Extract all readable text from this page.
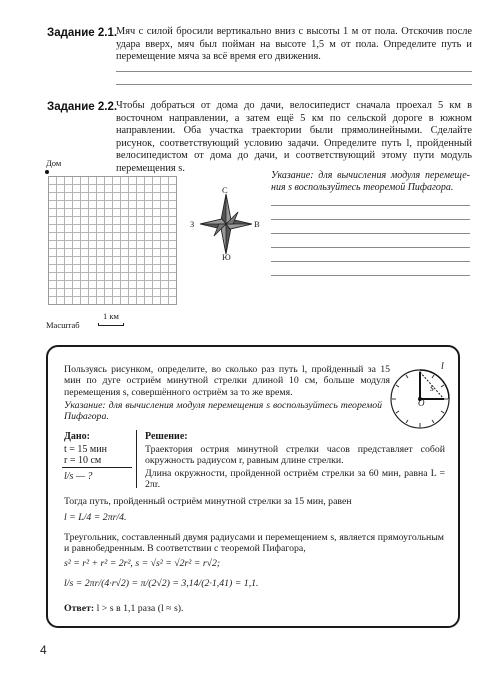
Задание 2.1.
Мяч с силой бросили вертикально вниз с высоты 1 м от пола. Отскочив после удара вверх, мяч был пойман на высоте 1,5 м от пола. Определите путь и перемещение мяча за всё время его движения.
Задание 2.2.
Чтобы добраться от дома до дачи, велосипедист сначала проехал 5 км в восточном направлении, а затем ещё 5 км по сельской дороге в южном направлении. Оба участка траектории были прямолинейными. Сделайте рисунок, соответствующий условию задачи. Определите путь l, пройденный велосипедистом от дома до дачи, и соответствующий этому пути модуль перемещения s.
Дом
С
Ю
В
З
Указание: для вычисления модуля перемещения s воспользуйтесь теоремой Пифагора.
Масштаб
1 км
Пользуясь рисунком, определите, во сколько раз путь l, пройденный за 15 мин по дуге остриём минутной стрелки длиной 10 см, больше модуля перемещения s, совершённого остриём за то же время.
Указание: для вычисления модуля перемещения s воспользуйтесь теоремой Пифагора.
l
s
O
Дано:
t = 15 мин
r = 10 см
l/s — ?
Решение:
Траектория острия минутной стрелки часов представляет собой окружность радиусом r, равным длине стрелки.
Длина окружности, пройденной остриём стрелки за 60 мин, равна L = 2πr.
Тогда путь, пройденный остриём минутной стрелки за 15 мин, равен
l = L/4 = 2πr/4.
Треугольник, составленный двумя радиусами и перемещением s, является прямоугольным и равнобедренным. В соответствии с теоремой Пифагора,
s² = r² + r² = 2r², s = √s² = √2r² = r√2;
l/s = 2πr/(4·r√2) = π/(2√2) = 3,14/(2·1,41) = 1,1.
Ответ: l > s в 1,1 раза (l ≈ s).
4
